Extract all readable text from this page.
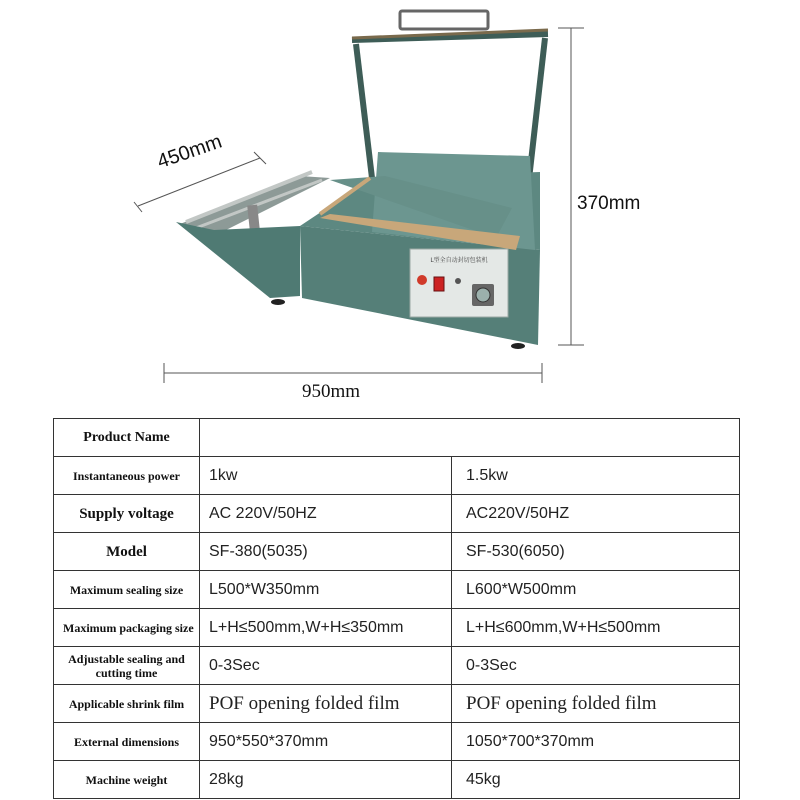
L型全自动封切包装机
370mm
950mm
450mm
Product Name		
Instantaneous power	1kw	1.5kw
Supply voltage	AC 220V/50HZ	AC220V/50HZ
Model	SF-380(5035)	SF-530(6050)
Maximum sealing size	L500*W350mm	L600*W500mm
Maximum packaging size	L+H≤500mm,W+H≤350mm	L+H≤600mm,W+H≤500mm
Adjustable sealing and cutting time	0-3Sec	0-3Sec
Applicable shrink film	POF opening folded film	POF opening folded film
External dimensions	950*550*370mm	1050*700*370mm
Machine weight	28kg	45kg
